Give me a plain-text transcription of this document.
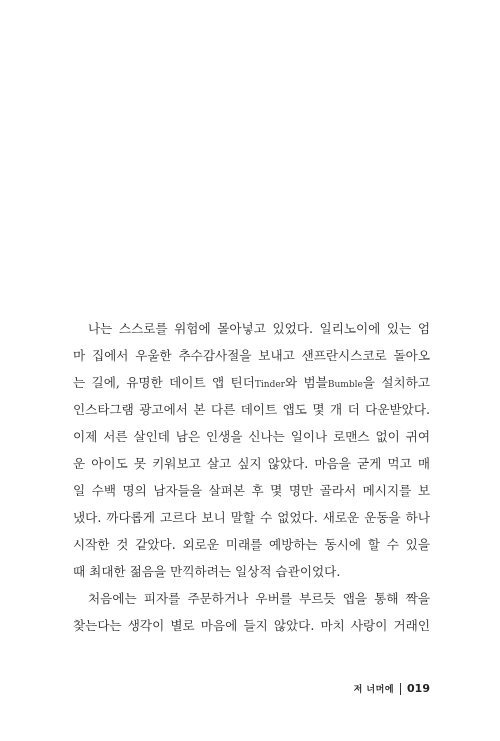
나는 스스로를 위험에 몰아넣고 있었다. 일리노이에 있는 엄
마 집에서 우울한 추수감사절을 보내고 샌프란시스코로 돌아오
는 길에, 유명한 데이트 앱 틴더Tinder와 범블Bumble을 설치하고
인스타그램 광고에서 본 다른 데이트 앱도 몇 개 더 다운받았다.
이제 서른 살인데 남은 인생을 신나는 일이나 로맨스 없이 귀여
운 아이도 못 키워보고 살고 싶지 않았다. 마음을 굳게 먹고 매
일 수백 명의 남자들을 살펴본 후 몇 명만 골라서 메시지를 보
냈다. 까다롭게 고르다 보니 말할 수 없었다. 새로운 운동을 하나
시작한 것 같았다. 외로운 미래를 예방하는 동시에 할 수 있을
때 최대한 젊음을 만끽하려는 일상적 습관이었다.
처음에는 피자를 주문하거나 우버를 부르듯 앱을 통해 짝을
찾는다는 생각이 별로 마음에 들지 않았다. 마치 사랑이 거래인
저 너머에 019
